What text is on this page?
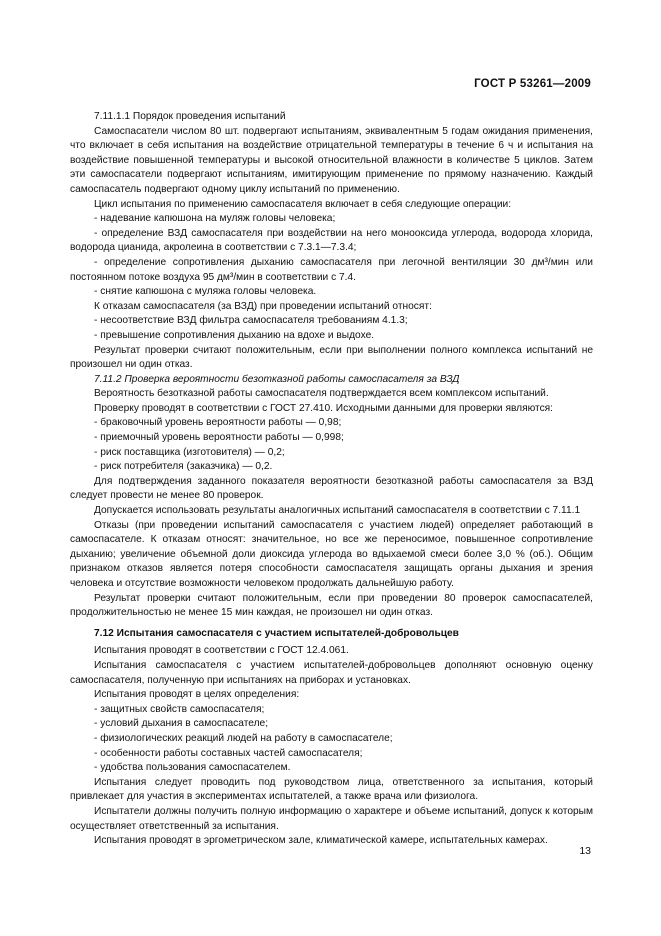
ГОСТ Р 53261—2009

7.11.1.1 Порядок проведения испытаний

Самоспасатели числом 80 шт. подвергают испытаниям, эквивалентным 5 годам ожидания применения, что включает в себя испытания на воздействие отрицательной температуры в течение 6 ч и испытания на воздействие повышенной температуры и высокой относительной влажности в количестве 5 циклов. Затем эти самоспасатели подвергают испытаниям, имитирующим применение по прямому назначению. Каждый самоспасатель подвергают одному циклу испытаний по применению.

Цикл испытания по применению самоспасателя включает в себя следующие операции:

- надевание капюшона на муляж головы человека;

- определение ВЗД самоспасателя при воздействии на него монооксида углерода, водорода хлорида, водорода цианида, акролеина в соответствии с 7.3.1—7.3.4;

- определение сопротивления дыханию самоспасателя при легочной вентиляции 30 дм³/мин или постоянном потоке воздуха 95 дм³/мин в соответствии с 7.4.

- снятие капюшона с муляжа головы человека.

К отказам самоспасателя (за ВЗД) при проведении испытаний относят:

- несоответствие ВЗД фильтра самоспасателя требованиям 4.1.3;

- превышение сопротивления дыханию на вдохе и выдохе.

Результат проверки считают положительным, если при выполнении полного комплекса испытаний не произошел ни один отказ.

7.11.2 Проверка вероятности безотказной работы самоспасателя за ВЗД

Вероятность безотказной работы самоспасателя подтверждается всем комплексом испытаний.

Проверку проводят в соответствии с ГОСТ 27.410. Исходными данными для проверки являются:

- браковочный уровень вероятности работы — 0,98;

- приемочный уровень вероятности работы — 0,998;

- риск поставщика (изготовителя) — 0,2;

- риск потребителя (заказчика) — 0,2.

Для подтверждения заданного показателя вероятности безотказной работы самоспасателя за ВЗД следует провести не менее 80 проверок.

Допускается использовать результаты аналогичных испытаний самоспасателя в соответствии с 7.11.1

Отказы (при проведении испытаний самоспасателя с участием людей) определяет работающий в самоспасателе. К отказам относят: значительное, но все же переносимое, повышенное сопротивление дыханию; увеличение объемной доли диоксида углерода во вдыхаемой смеси более 3,0 % (об.). Общим признаком отказов является потеря способности самоспасателя защищать органы дыхания и зрения человека и отсутствие возможности человеком продолжать дальнейшую работу.

Результат проверки считают положительным, если при проведении 80 проверок самоспасателей, продолжительностью не менее 15 мин каждая, не произошел ни один отказ.

7.12 Испытания самоспасателя с участием испытателей-добровольцев

Испытания проводят в соответствии с ГОСТ 12.4.061.

Испытания самоспасателя с участием испытателей-добровольцев дополняют основную оценку самоспасателя, полученную при испытаниях на приборах и установках.

Испытания проводят в целях определения:

- защитных свойств самоспасателя;

- условий дыхания в самоспасателе;

- физиологических реакций людей на работу в самоспасателе;

- особенности работы составных частей самоспасателя;

- удобства пользования самоспасателем.

Испытания следует проводить под руководством лица, ответственного за испытания, который привлекает для участия в экспериментах испытателей, а также врача или физиолога.

Испытатели должны получить полную информацию о характере и объеме испытаний, допуск к которым осуществляет ответственный за испытания.

Испытания проводят в эргометрическом зале, климатической камере, испытательных камерах.

13
